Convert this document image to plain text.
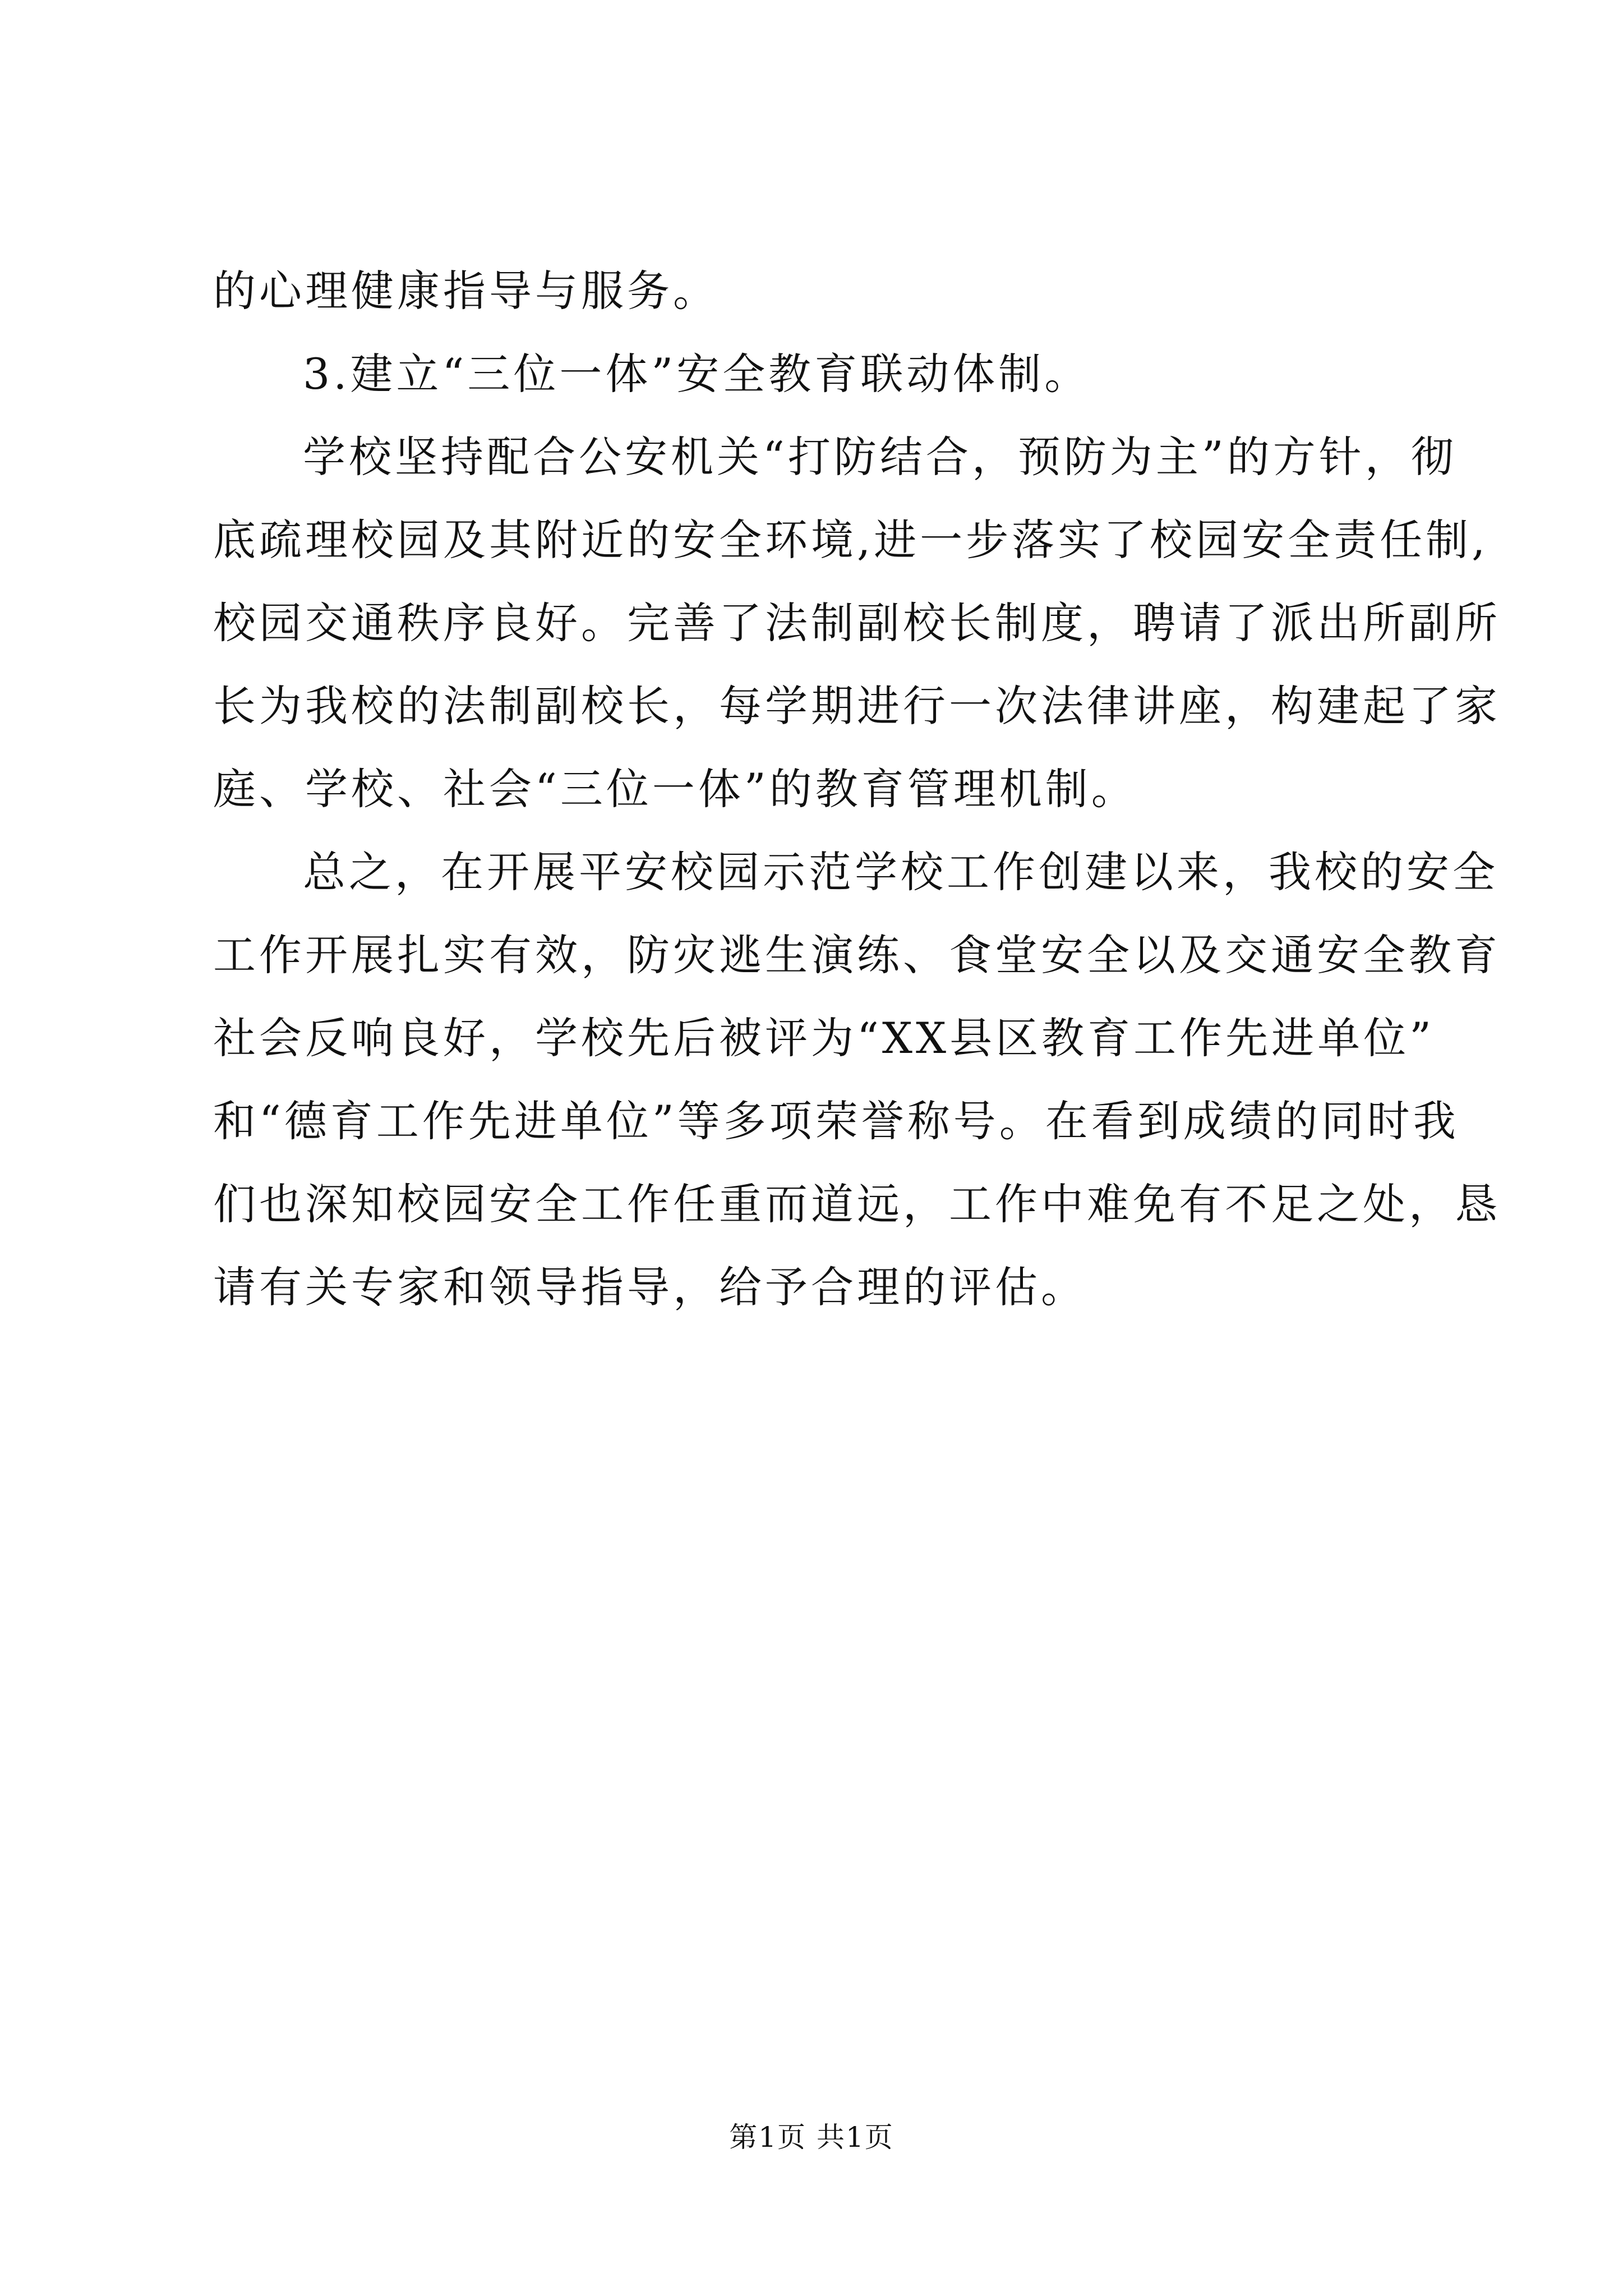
的心理健康指导与服务。

3.建立“三位一体”安全教育联动体制。

学校坚持配合公安机关“打防结合，预防为主”的方针，彻
底疏理校园及其附近的安全环境,进一步落实了校园安全责任制,
校园交通秩序良好。完善了法制副校长制度，聘请了派出所副所
长为我校的法制副校长，每学期进行一次法律讲座，构建起了家
庭、学校、社会“三位一体”的教育管理机制。

总之，在开展平安校园示范学校工作创建以来，我校的安全
工作开展扎实有效，防灾逃生演练、食堂安全以及交通安全教育
社会反响良好，学校先后被评为“XX县区教育工作先进单位”
和“德育工作先进单位”等多项荣誉称号。在看到成绩的同时我
们也深知校园安全工作任重而道远，工作中难免有不足之处，恳
请有关专家和领导指导，给予合理的评估。

第1页 共1页
